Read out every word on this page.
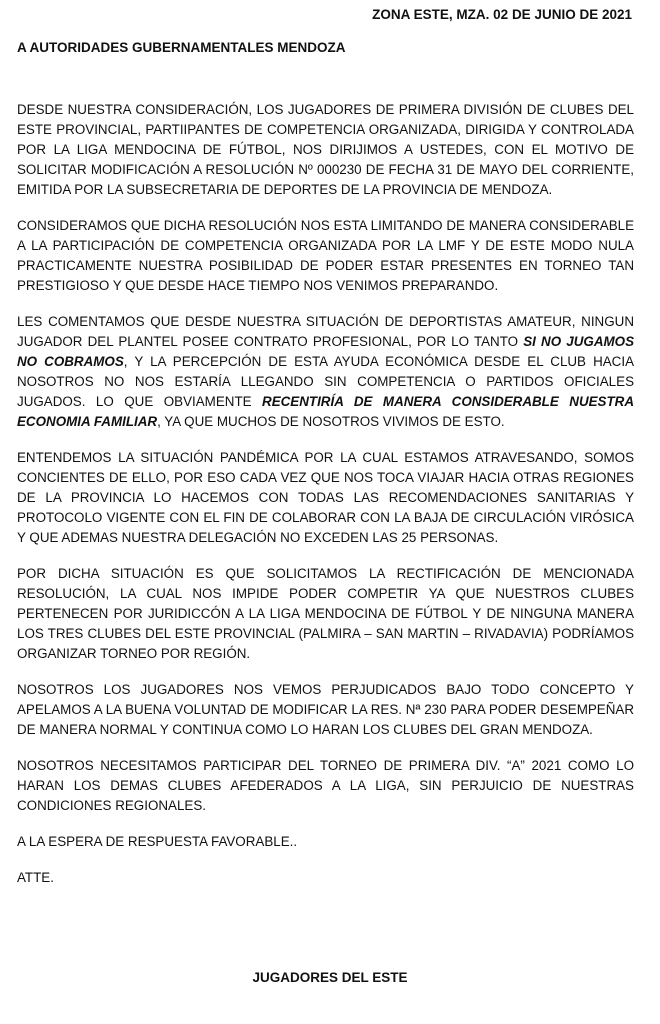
ZONA ESTE, MZA. 02 DE JUNIO DE 2021
A AUTORIDADES GUBERNAMENTALES MENDOZA

DESDE NUESTRA CONSIDERACIÓN, LOS JUGADORES DE PRIMERA DIVISIÓN DE CLUBES DEL ESTE PROVINCIAL, PARTIIPANTES DE COMPETENCIA ORGANIZADA, DIRIGIDA Y CONTROLADA POR LA LIGA MENDOCINA DE FÚTBOL, NOS DIRIJIMOS A USTEDES, CON EL MOTIVO DE SOLICITAR MODIFICACIÓN A RESOLUCIÓN Nº 000230 DE FECHA 31 DE MAYO DEL CORRIENTE, EMITIDA POR LA SUBSECRETARIA DE DEPORTES DE LA PROVINCIA DE MENDOZA.

CONSIDERAMOS QUE DICHA RESOLUCIÓN NOS ESTA LIMITANDO DE MANERA CONSIDERABLE A LA PARTICIPACIÓN DE COMPETENCIA ORGANIZADA POR LA LMF Y DE ESTE MODO NULA PRACTICAMENTE NUESTRA POSIBILIDAD DE PODER ESTAR PRESENTES EN TORNEO TAN PRESTIGIOSO Y QUE DESDE HACE TIEMPO NOS VENIMOS PREPARANDO.

LES COMENTAMOS QUE DESDE NUESTRA SITUACIÓN DE DEPORTISTAS AMATEUR, NINGUN JUGADOR DEL PLANTEL POSEE CONTRATO PROFESIONAL, POR LO TANTO SI NO JUGAMOS NO COBRAMOS, Y LA PERCEPCIÓN DE ESTA AYUDA ECONÓMICA DESDE EL CLUB HACIA NOSOTROS NO NOS ESTARÍA LLEGANDO SIN COMPETENCIA O PARTIDOS OFICIALES JUGADOS. LO QUE OBVIAMENTE RECENTIRÍA DE MANERA CONSIDERABLE NUESTRA ECONOMIA FAMILIAR, YA QUE MUCHOS DE NOSOTROS VIVIMOS DE ESTO.

ENTENDEMOS LA SITUACIÓN PANDÉMICA POR LA CUAL ESTAMOS ATRAVESANDO, SOMOS CONCIENTES DE ELLO, POR ESO CADA VEZ QUE NOS TOCA VIAJAR HACIA OTRAS REGIONES DE LA PROVINCIA LO HACEMOS CON TODAS LAS RECOMENDACIONES SANITARIAS Y PROTOCOLO VIGENTE CON EL FIN DE COLABORAR CON LA BAJA DE CIRCULACIÓN VIRÓSICA Y QUE ADEMAS NUESTRA DELEGACIÓN NO EXCEDEN LAS 25 PERSONAS.

POR DICHA SITUACIÓN ES QUE SOLICITAMOS LA RECTIFICACIÓN DE MENCIONADA RESOLUCIÓN, LA CUAL NOS IMPIDE PODER COMPETIR YA QUE NUESTROS CLUBES PERTENECEN POR JURIDICCÓN A LA LIGA MENDOCINA DE FÚTBOL Y DE NINGUNA MANERA LOS TRES CLUBES DEL ESTE PROVINCIAL (PALMIRA – SAN MARTIN – RIVADAVIA) PODRÍAMOS ORGANIZAR TORNEO POR REGIÓN.

NOSOTROS LOS JUGADORES NOS VEMOS PERJUDICADOS BAJO TODO CONCEPTO Y APELAMOS A LA BUENA VOLUNTAD DE MODIFICAR LA RES. Nª 230 PARA PODER DESEMPEÑAR DE MANERA NORMAL Y CONTINUA COMO LO HARAN LOS CLUBES DEL GRAN MENDOZA.

NOSOTROS NECESITAMOS PARTICIPAR DEL TORNEO DE PRIMERA DIV. “A” 2021 COMO LO HARAN LOS DEMAS CLUBES AFEDERADOS A LA LIGA, SIN PERJUICIO DE NUESTRAS CONDICIONES REGIONALES.

A LA ESPERA DE RESPUESTA FAVORABLE..

ATTE.

JUGADORES DEL ESTE
